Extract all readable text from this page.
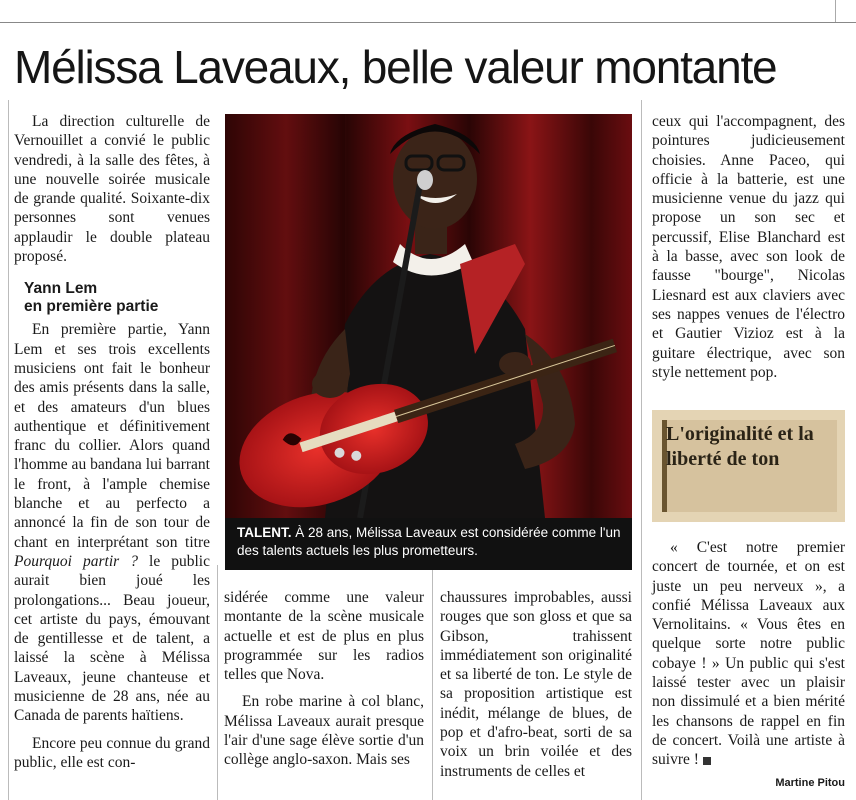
Mélissa Laveaux, belle valeur montante

La direction culturelle de Vernouillet a convié le public vendredi, à la salle des fêtes, à une nouvelle soirée musicale de grande qualité. Soixante-dix personnes sont venues applaudir le double plateau proposé.

Yann Lem
en première partie

En première partie, Yann Lem et ses trois excellents musiciens ont fait le bonheur des amis présents dans la salle, et des amateurs d'un blues authentique et définitivement franc du collier. Alors quand l'homme au bandana lui barrant le front, à l'ample chemise blanche et au perfecto a annoncé la fin de son tour de chant en interprétant son titre Pourquoi partir ? le public aurait bien joué les prolongations... Beau joueur, cet artiste du pays, émouvant de gentillesse et de talent, a laissé la scène à Mélissa Laveaux, jeune chanteuse et musicienne de 28 ans, née au Canada de parents haïtiens.

Encore peu connue du grand public, elle est con-

TALENT. À 28 ans, Mélissa Laveaux est considérée comme l'un des talents actuels les plus prometteurs.

sidérée comme une valeur montante de la scène musicale actuelle et est de plus en plus programmée sur les radios telles que Nova.

En robe marine à col blanc, Mélissa Laveaux aurait presque l'air d'une sage élève sortie d'un collège anglo-saxon. Mais ses

chaussures improbables, aussi rouges que son gloss et que sa Gibson, trahissent immédiatement son originalité et sa liberté de ton. Le style de sa proposition artistique est inédit, mélange de blues, de pop et d'afro-beat, sorti de sa voix un brin voilée et des instruments de celles et

ceux qui l'accompagnent, des pointures judicieusement choisies. Anne Paceo, qui officie à la batterie, est une musicienne venue du jazz qui propose un son sec et percussif, Elise Blanchard est à la basse, avec son look de fausse "bourge", Nicolas Liesnard est aux claviers avec ses nappes venues de l'électro et Gautier Vizioz est à la guitare électrique, avec son style nettement pop.

L'originalité et la liberté de ton

« C'est notre premier concert de tournée, et on est juste un peu nerveux », a confié Mélissa Laveaux aux Vernolitains. « Vous êtes en quelque sorte notre public cobaye ! » Un public qui s'est laissé tester avec un plaisir non dissimulé et a bien mérité les chansons de rappel en fin de concert. Voilà une artiste à suivre !

Martine Pitou
